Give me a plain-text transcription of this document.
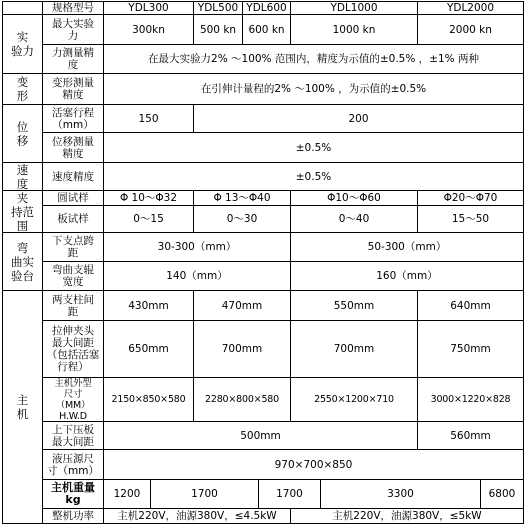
规格型号	YDL300	YDL500 YDL600	YDL1000	YDL2000
实
验力
最大实验
力	300kn	500 kn	600 kn	1000 kn	2000 kn
力测量精
度	在最大实验力2% ～100% 范围内，精度为示值的±0.5% ，±1% 两种
变
形
变形测量
精度	在引伸计量程的2% ～100% ，为示值的±0.5%
位
移
活塞行程
（mm）	150	200
位移测量
精度	±0.5%
速
度	速度精度	±0.5%
夹
持范
围
圆试样	Φ 10～Φ32	Φ 13～Φ40	Φ10～Φ60	Φ20～Φ70
板试样	0～15	0～30	0～40	15～50
弯
曲实
验台
下支点跨
距	30-300（mm）	50-300（mm）
弯曲支辊
宽度	140（mm）	160（mm）
主
机
两支柱间
距	430mm	470mm	550mm	640mm
拉伸夹头
最大间距
（包括活塞
行程）
650mm	700mm	700mm	750mm
主机外型
尺寸
（MM）H.W.D
2150×850×580	2280×800×580	2550×1200×710	3000×1220×828
上下压板
最大间距	500mm	560mm
液压源尺
寸（mm）	970×700×850
主机重量
kg	1200	1700	1700	3300	6800
整机功率	主机220V，油源380V，≤4.5kW	主机220V，油源380V，≤5kW
